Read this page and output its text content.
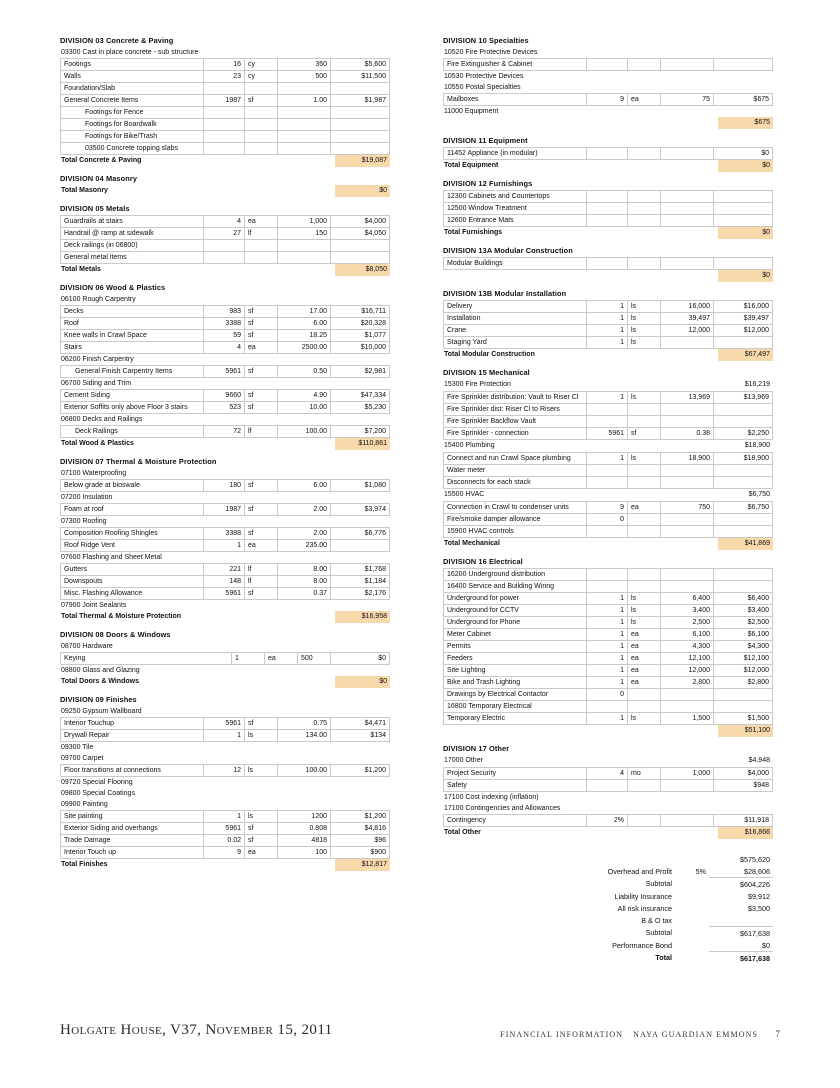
DIVISION 03 Concrete & Paving
03300 Cast in place concrete - sub structure
Footings	16	cy	350	$5,600
Walls	23	cy	500	$11,500
Foundation/Slab				
General Concrete Items	1987	sf	1.00	$1,987
Footings for Fence				
Footings for Boardwalk				
Footings for Bike/Trash				
03500 Concrete topping slabs				
Total Concrete & Paving	$19,087
DIVISION 04 Masonry
Total Masonry	$0
DIVISION 05 Metals
Guardrails at stairs	4	ea	1,000	$4,000
Handrail @ ramp at sidewalk	27	lf	150	$4,050
Deck railings (in 06800)				
General metal items				
Total Metals	$8,050
DIVISION 06 Wood & Plastics
06100 Rough Carpentry
Decks	983	sf	17.00	$16,711
Roof	3388	sf	6.00	$20,328
Knee walls in Crawl Space	59	sf	18.25	$1,077
Stairs	4	ea	2500.00	$10,000
06200 Finish Carpentry
General Finish Carpentry Items	5961	sf	0.50	$2,981
06700 Siding and Trim
Cement Siding	9660	sf	4.90	$47,334
Exterior Soffits only above Floor 3 stairs	523	sf	10.00	$5,230
06800 Decks and Railings
Deck Railings	72	lf	100.00	$7,200
Total Wood & Plastics	$110,861
DIVISION 07 Thermal & Moisture Protection
07100 Waterproofing
Below grade at bioswale	180	sf	6.00	$1,080
07200 Insulation
Foam at roof	1987	sf	2.00	$3,974
07300 Roofing
Composition Roofing Shingles	3388	sf	2.00	$6,776
Roof Ridge Vent	1	ea	235.00	
07600 Flashing and Sheet Metal
Gutters	221	lf	8.00	$1,768
Downspouts	148	lf	8.00	$1,184
Misc. Flashing Allowance	5961	sf	0.37	$2,176
07900 Joint Sealants
Total Thermal & Moisture Protection	$16,958
DIVISION 08 Doors & Windows
08700 Hardware
Keying	1	ea	500	$0
08800 Glass and Glazing
Total Doors & Windows	$0
DIVISION 09 Finishes
09250 Gypsum Wallboard
Interior Touchup	5961	sf	0.75	$4,471
Drywall Repair	1	ls	134.00	$134
09300 Tile
09700 Carpet
Floor transitions at connections	12	ls	100.00	$1,200
09720 Special Flooring
09800 Special Coatings
09900 Painting
Site painting	1	ls	1200	$1,200
Exterior Siding and overhangs	5961	sf	0.808	$4,816
Trade Damage	0.02	sf	4818	$96
Interior Touch up	9	ea	100	$900
Total Finishes	$12,817
DIVISION 10 Specialties
10520 Fire Protective Devices
Fire Extinguisher & Cabinet				
10530 Protective Devices
10550 Postal Specialties
Mailboxes	9	ea	75	$675
11000 Equipment
$675
DIVISION 11 Equipment
11452 Appliance (in modular)				$0
Total Equipment	$0
DIVISION 12 Furnishings
12300 Cabinets and Countertops				
12500 Window Treatment				
12600 Entrance Mats				
Total Furnishings	$0
DIVISION 13A Modular Construction
Modular Buildings				
$0
DIVISION 13B Modular Installation
Delivery	1	ls	16,000	$16,000
Installation	1	ls	39,497	$39,497
Crane	1	ls	12,000	$12,000
Staging Yard	1	ls		
Total Modular Construction	$67,497
DIVISION 15 Mechanical
15300 Fire Protection	$16,219
Fire Sprinkler distribution: Vault to Riser Cl	1	ls	13,969	$13,969
Fire Sprinkler dist: Riser Cl to Risers				
Fire Sprinkler Backflow Vault				
Fire Sprinkler - connection	5961	sf	0.38	$2,250
15400 Plumbing	$18,900
Connect and run Crawl Space plumbing	1	ls	18,900	$18,900
Water meter				
Disconnects for each stack				
15500 HVAC	$6,750
Connection in Crawl to condenser units	9	ea	750	$6,750
Fire/smoke damper allowance	0			
15900 HVAC controls				
Total Mechanical	$41,869
DIVISION 16 Electrical
16200 Underground distribution				
16400 Service and Building Wiring				
Underground for power	1	ls	6,400	$6,400
Underground for CCTV	1	ls	3,400	$3,400
Underground for Phone	1	ls	2,500	$2,500
Meter Cabinet	1	ea	6,100	$6,100
Permits	1	ea	4,300	$4,300
Feeders	1	ea	12,100	$12,100
Site Lighting	1	ea	12,000	$12,000
Bike and Trash Lighting	1	ea	2,800	$2,800
Drawings by Electrical Contactor	0			
16800 Temporary Electrical				
Temporary Electric	1	ls	1,500	$1,500
$51,100
DIVISION 17 Other
17000 Other	$4,948
Project Security	4	mo	1,000	$4,000
Safety				$948
17100 Cost indexing (inflation)
17100 Contingencies and Allowances
Contingency	2%			$11,918
Total Other	$16,866
		$575,620
Overhead and Profit	5%	$28,606
Subtotal		$604,226
Liability Insurance		$9,912
All risk insurance		$3,500
B & O tax		
Subtotal		$617,638
Performance Bond		$0
Total		$617,638
Holgate House, V37, November 15, 2011	FINANCIAL INFORMATION NAYA GUARDIAN EMMONS 7
